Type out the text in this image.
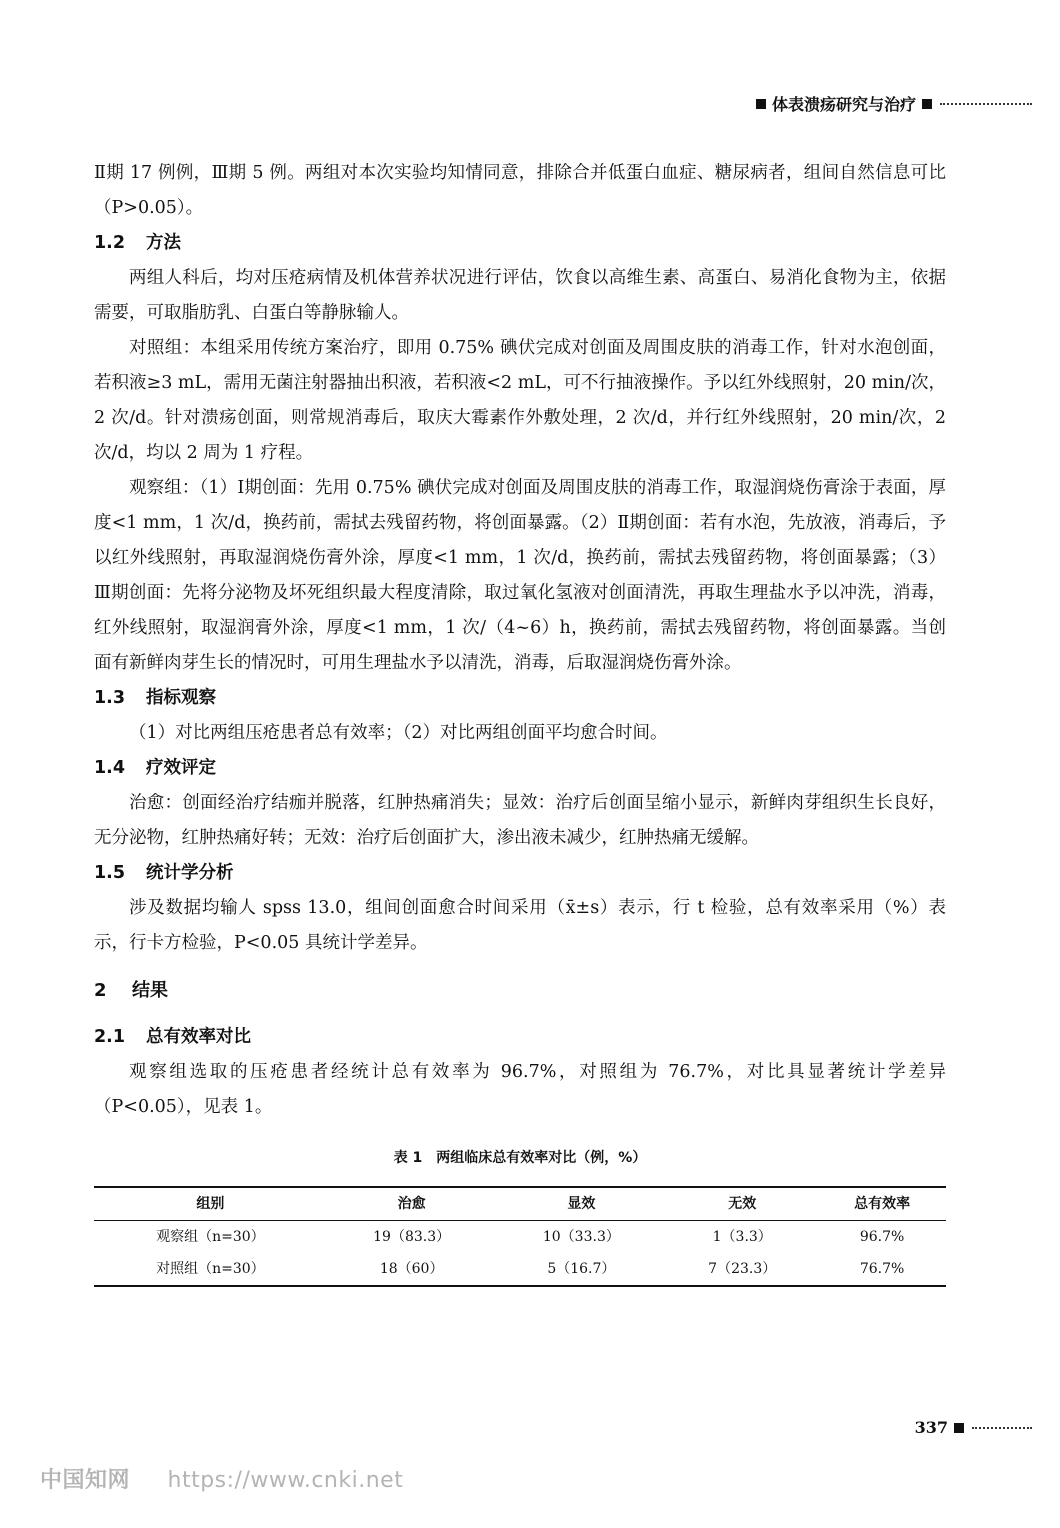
体表溃疡研究与治疗

Ⅱ期 17 例例，Ⅲ期 5 例。两组对本次实验均知情同意，排除合并低蛋白血症、糖尿病者，组间自然信息可比（P>0.05）。

1.2 方法

两组人科后，均对压疮病情及机体营养状况进行评估，饮食以高维生素、高蛋白、易消化食物为主，依据需要，可取脂肪乳、白蛋白等静脉输人。

对照组：本组采用传统方案治疗，即用 0.75% 碘伏完成对创面及周围皮肤的消毒工作，针对水泡创面，若积液≥3 mL，需用无菌注射器抽出积液，若积液<2 mL，可不行抽液操作。予以红外线照射，20 min/次，2 次/d。针对溃疡创面，则常规消毒后，取庆大霉素作外敷处理，2 次/d，并行红外线照射，20 min/次，2 次/d，均以 2 周为 1 疗程。

观察组：（1）Ⅰ期创面：先用 0.75% 碘伏完成对创面及周围皮肤的消毒工作，取湿润烧伤膏涂于表面，厚度<1 mm，1 次/d，换药前，需拭去残留药物，将创面暴露。（2）Ⅱ期创面：若有水泡，先放液，消毒后，予以红外线照射，再取湿润烧伤膏外涂，厚度<1 mm，1 次/d，换药前，需拭去残留药物，将创面暴露；（3）Ⅲ期创面：先将分泌物及坏死组织最大程度清除，取过氧化氢液对创面清洗，再取生理盐水予以冲洗，消毒，红外线照射，取湿润膏外涂，厚度<1 mm，1 次/（4~6）h，换药前，需拭去残留药物，将创面暴露。当创面有新鲜肉芽生长的情况时，可用生理盐水予以清洗，消毒，后取湿润烧伤膏外涂。

1.3 指标观察

（1）对比两组压疮患者总有效率；（2）对比两组创面平均愈合时间。

1.4 疗效评定

治愈：创面经治疗结痂并脱落，红肿热痛消失；显效：治疗后创面呈缩小显示，新鲜肉芽组织生长良好，无分泌物，红肿热痛好转；无效：治疗后创面扩大，渗出液未减少，红肿热痛无缓解。

1.5 统计学分析

涉及数据均输人 spss 13.0，组间创面愈合时间采用（x̄±s）表示，行 t 检验，总有效率采用（%）表示，行卡方检验，P<0.05 具统计学差异。

2 结果
2.1 总有效率对比

观察组选取的压疮患者经统计总有效率为 96.7%，对照组为 76.7%，对比具显著统计学差异（P<0.05），见表 1。

表 1　两组临床总有效率对比（例，%）
组别	治愈	显效	无效	总有效率
观察组（n=30）	19（83.3）	10（33.3）	1（3.3）	96.7%
对照组（n=30）	18（60）	5（16.7）	7（23.3）	76.7%
337
中国知网 https://www.cnki.net
